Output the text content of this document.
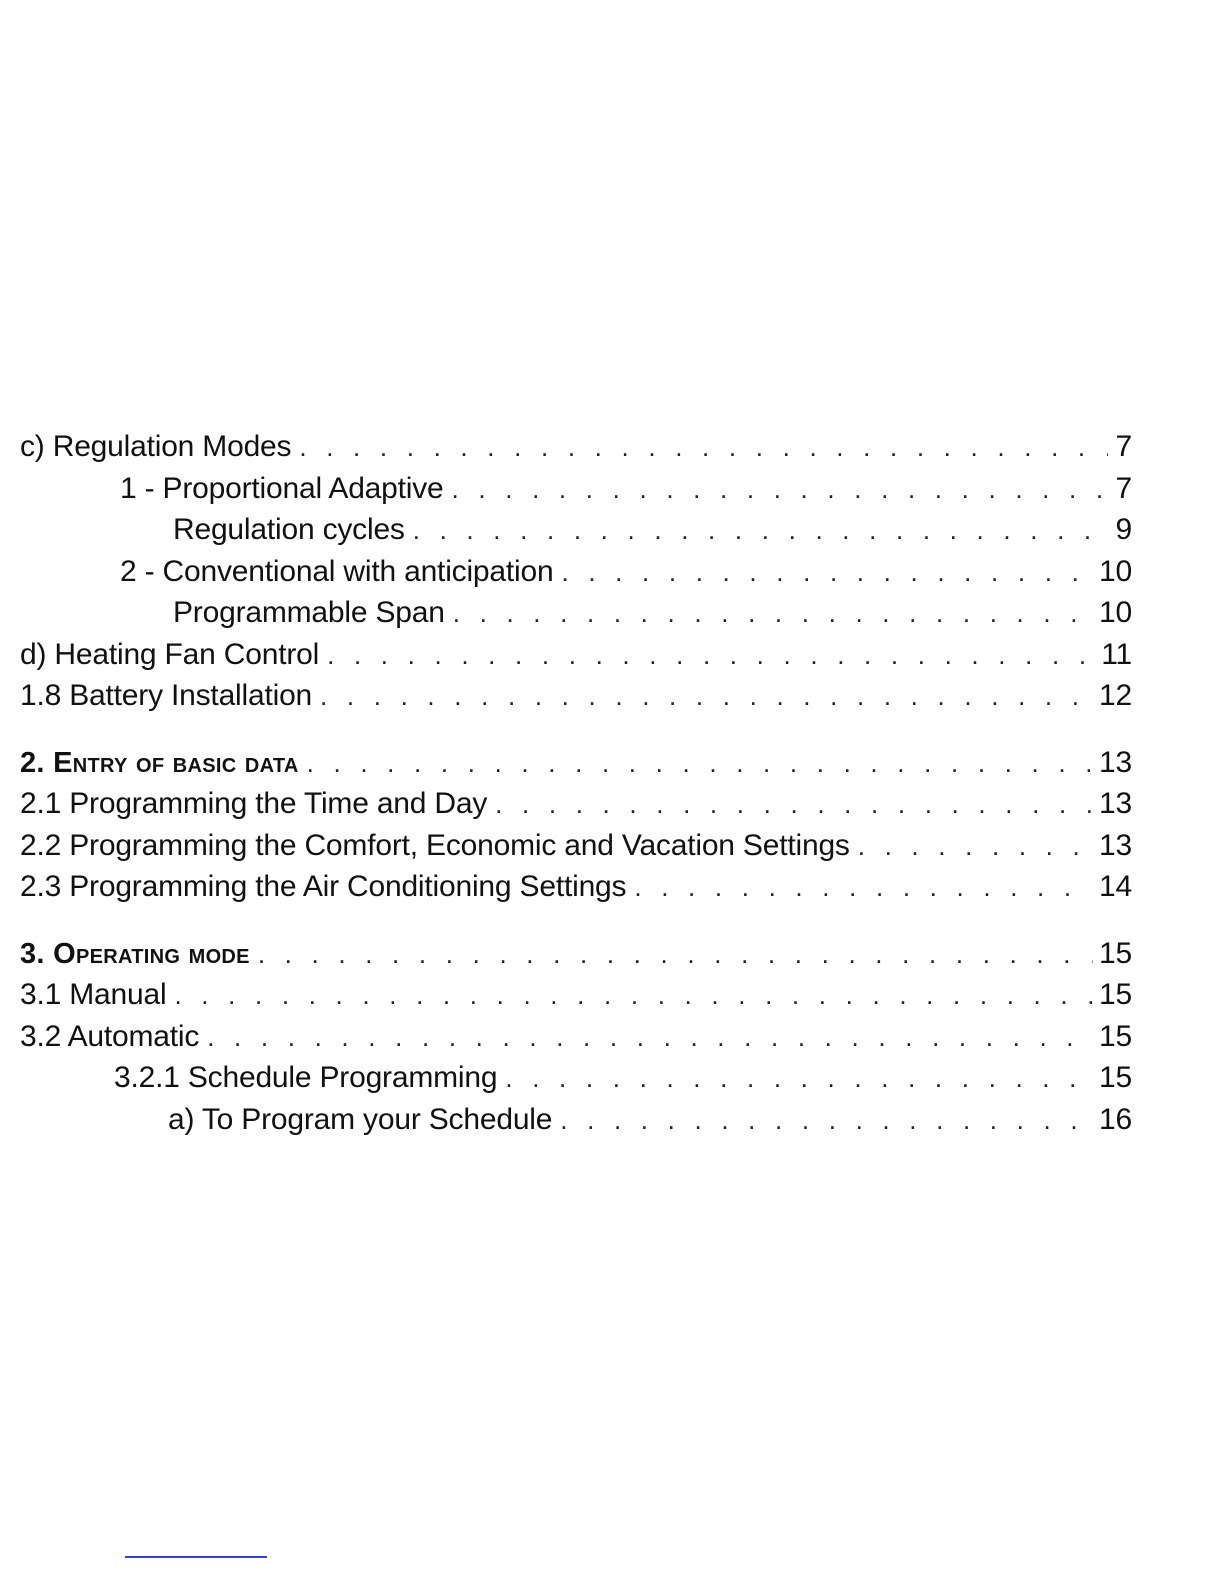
c) Regulation Modes . . .	7
1 - Proportional Adaptive . . .	7
Regulation cycles . . .	9
2 - Conventional with anticipation . . .	10
Programmable Span . . .	10
d) Heating Fan Control . . .	11
1.8 Battery Installation . . .	12
2. Entry of basic data . . .	13
2.1 Programming the Time and Day . . .	13
2.2 Programming the Comfort, Economic and Vacation Settings . . .	13
2.3 Programming the Air Conditioning Settings . . .	14
3. Operating mode . . .	15
3.1 Manual . . .	15
3.2 Automatic . . .	15
3.2.1 Schedule Programming . . .	15
a) To Program your Schedule . . .	16
